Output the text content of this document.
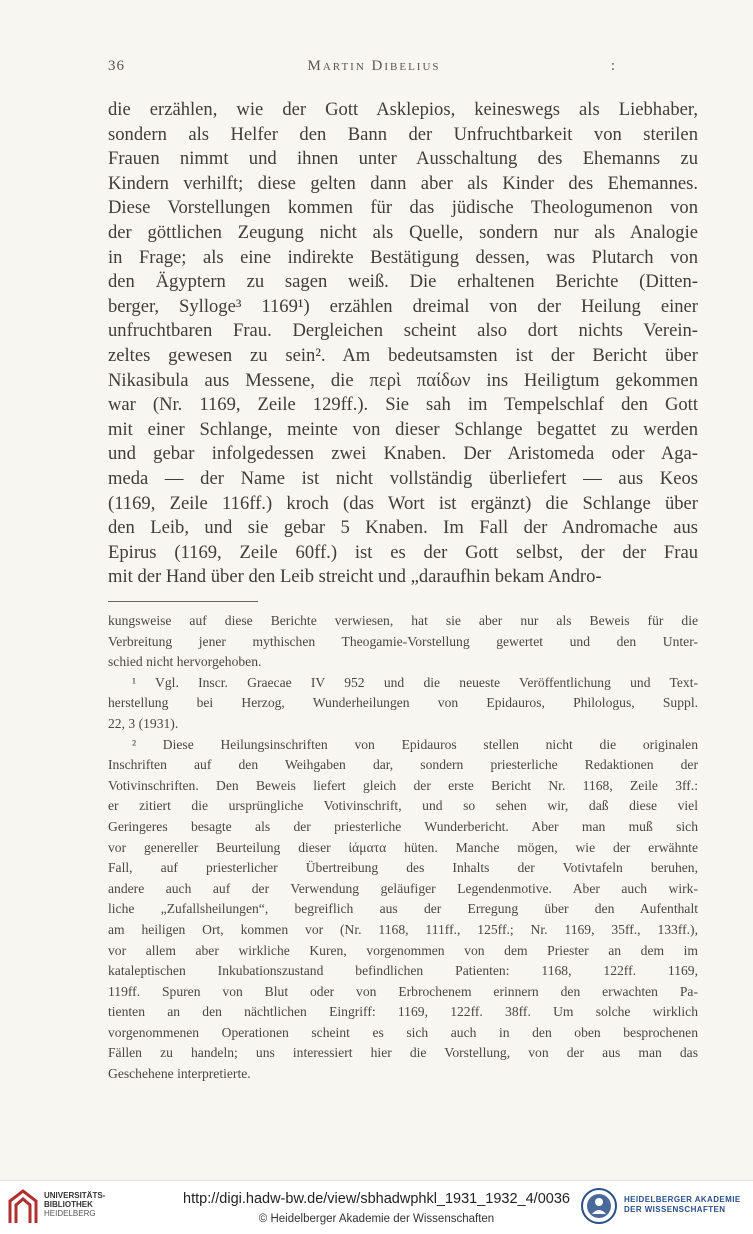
36	Martin Dibelius	:
die erzählen, wie der Gott Asklepios, keineswegs als Liebhaber,
sondern als Helfer den Bann der Unfruchtbarkeit von sterilen
Frauen nimmt und ihnen unter Ausschaltung des Ehemanns zu
Kindern verhilft; diese gelten dann aber als Kinder des Ehemannes.
Diese Vorstellungen kommen für das jüdische Theologumenon von
der göttlichen Zeugung nicht als Quelle, sondern nur als Analogie
in Frage; als eine indirekte Bestätigung dessen, was Plutarch von
den Ägyptern zu sagen weiß. Die erhaltenen Berichte (Ditten-
berger, Sylloge³ 1169¹) erzählen dreimal von der Heilung einer
unfruchtbaren Frau. Dergleichen scheint also dort nichts Verein-
zeltes gewesen zu sein². Am bedeutsamsten ist der Bericht über
Nikasibula aus Messene, die περὶ παίδων ins Heiligtum gekommen
war (Nr. 1169, Zeile 129ff.). Sie sah im Tempelschlaf den Gott
mit einer Schlange, meinte von dieser Schlange begattet zu werden
und gebar infolgedessen zwei Knaben. Der Aristomeda oder Aga-
meda — der Name ist nicht vollständig überliefert — aus Keos
(1169, Zeile 116ff.) kroch (das Wort ist ergänzt) die Schlange über
den Leib, und sie gebar 5 Knaben. Im Fall der Andromache aus
Epirus (1169, Zeile 60ff.) ist es der Gott selbst, der der Frau
mit der Hand über den Leib streicht und „daraufhin bekam Andro-
kungsweise auf diese Berichte verwiesen, hat sie aber nur als Beweis für die
Verbreitung jener mythischen Theogamie-Vorstellung gewertet und den Unter-
schied nicht hervorgehoben.
¹ Vgl. Inscr. Graecae IV 952 und die neueste Veröffentlichung und Text-
herstellung bei Herzog, Wunderheilungen von Epidauros, Philologus, Suppl.
22, 3 (1931).
² Diese Heilungsinschriften von Epidauros stellen nicht die originalen
Inschriften auf den Weihgaben dar, sondern priesterliche Redaktionen der
Votivinschriften. Den Beweis liefert gleich der erste Bericht Nr. 1168, Zeile 3ff.:
er zitiert die ursprüngliche Votivinschrift, und so sehen wir, daß diese viel
Geringeres besagte als der priesterliche Wunderbericht. Aber man muß sich
vor genereller Beurteilung dieser ἰάματα hüten. Manche mögen, wie der erwähnte
Fall, auf priesterlicher Übertreibung des Inhalts der Votivtafeln beruhen,
andere auch auf der Verwendung geläufiger Legendenmotive. Aber auch wirk-
liche „Zufallsheilungen“, begreiflich aus der Erregung über den Aufenthalt
am heiligen Ort, kommen vor (Nr. 1168, 111ff., 125ff.; Nr. 1169, 35ff., 133ff.),
vor allem aber wirkliche Kuren, vorgenommen von dem Priester an dem im
kataleptischen Inkubationszustand befindlichen Patienten: 1168, 122ff. 1169,
119ff. Spuren von Blut oder von Erbrochenem erinnern den erwachten Pa-
tienten an den nächtlichen Eingriff: 1169, 122ff. 38ff. Um solche wirklich
vorgenommenen Operationen scheint es sich auch in den oben besprochenen
Fällen zu handeln; uns interessiert hier die Vorstellung, von der aus man das
Geschehene interpretierte.
UNIVERSITÄTS-
BIBLIOTHEK
HEIDELBERG
http://digi.hadw-bw.de/view/sbhadwphkl_1931_1932_4/0036
© Heidelberger Akademie der Wissenschaften
HEIDELBERGER AKADEMIE
DER WISSENSCHAFTEN
